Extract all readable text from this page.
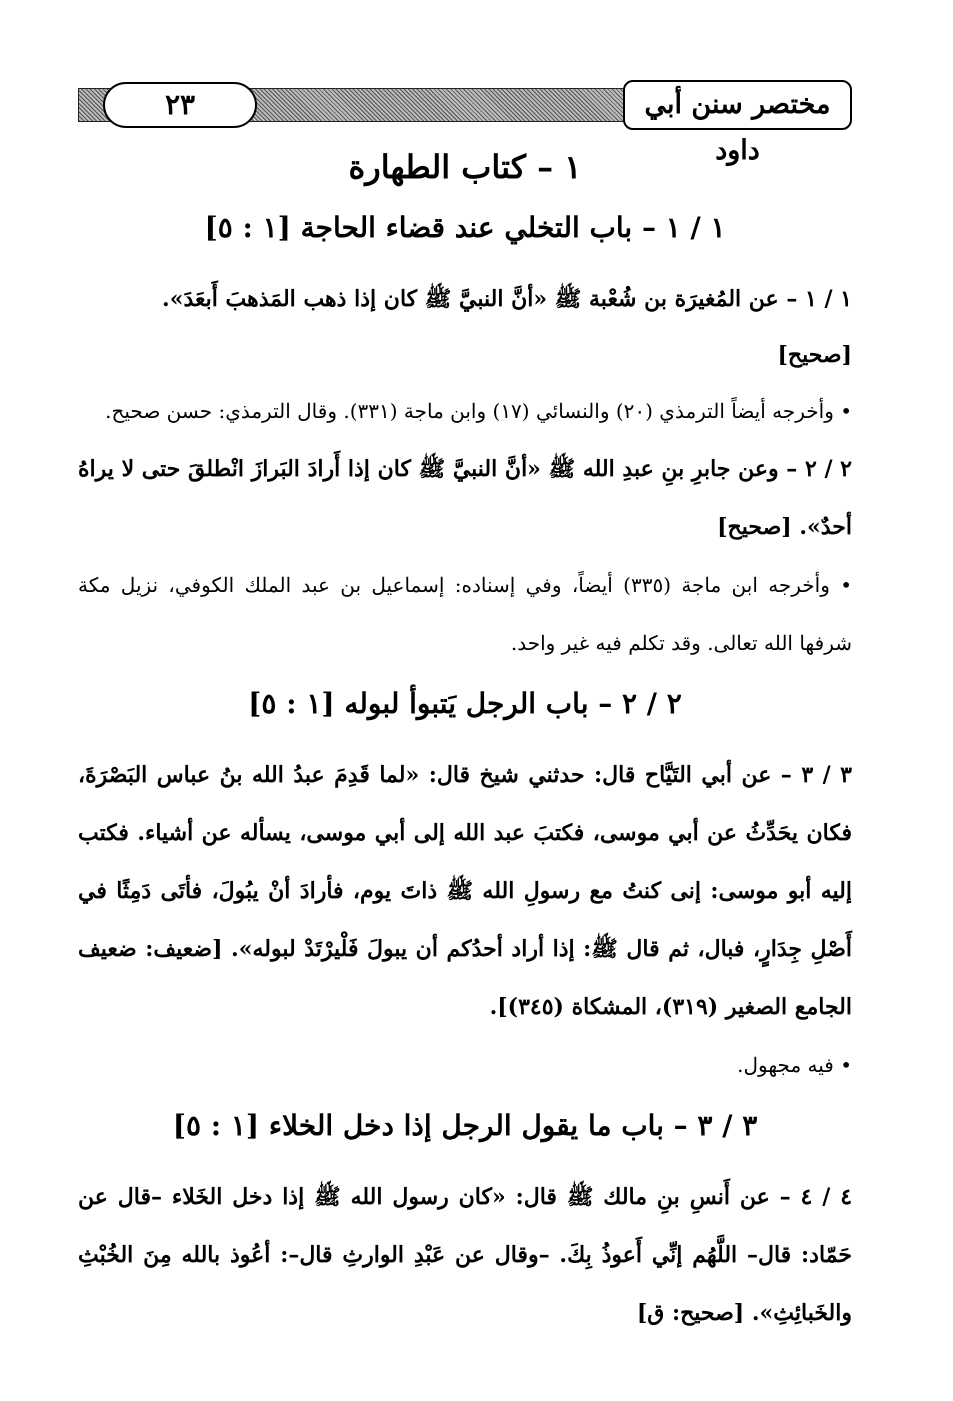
٢٣	مختصر سنن أبي داود
١ – كتاب الطهارة
١ / ١ – باب التخلي عند قضاء الحاجة [١ : ٥]
١ / ١ – عن المُغيرَة بن شُعْبة ﷺ «أنَّ النبيَّ ﷺ كان إذا ذهب المَذهبَ أَبعَدَ».
[صحيح]
• وأخرجه أيضاً الترمذي (٢٠) والنسائي (١٧) وابن ماجة (٣٣١). وقال الترمذي: حسن صحيح.
٢ / ٢ – وعن جابرِ بنِ عبدِ الله ﷺ «أنَّ النبيَّ ﷺ كان إذا أَرادَ البَرازَ انْطلقَ حتى لا يراهُ أحدٌ». [صحيح]
• وأخرجه ابن ماجة (٣٣٥) أيضاً، وفي إسناده: إسماعيل بن عبد الملك الكوفي، نزيل مكة شرفها الله تعالى. وقد تكلم فيه غير واحد.
٢ / ٢ – باب الرجل يَتبوأ لبوله [١ : ٥]
٣ / ٣ – عن أبي التَيَّاح قال: حدثني شيخ قال: «لما قَدِمَ عبدُ الله بنُ عباس البَصْرَةَ، فكان يحَدِّثُ عن أبي موسى، فكتبَ عبد الله إلى أبي موسى، يسأله عن أشياء. فكتب إليه أبو موسى: إنى كنتُ مع رسولِ الله ﷺ ذاتَ يوم، فأرادَ أنْ يبُولَ، فأتَى دَمِثًا في أَصْلِ جِدَارٍ، فبال، ثم قال ﷺ: إذا أراد أحدُكم أن يبولَ فَلْيرْتَدْ لبوله». [ضعيف: ضعيف الجامع الصغير (٣١٩)، المشكاة (٣٤٥)].
• فيه مجهول.
٣ / ٣ – باب ما يقول الرجل إذا دخل الخلاء [١ : ٥]
٤ / ٤ – عن أَنسِ بنِ مالك ﷺ قال: «كان رسول الله ﷺ إذا دخل الخَلاء –قال عن حَمّاد: قال– اللَّهُم إنِّي أَعوذُ بِكَ. –وقال عن عَبْدِ الوارثِ قال–: أعُوذ بالله مِنَ الخُبْثِ والخَبائِثِ». [صحيح: ق]
